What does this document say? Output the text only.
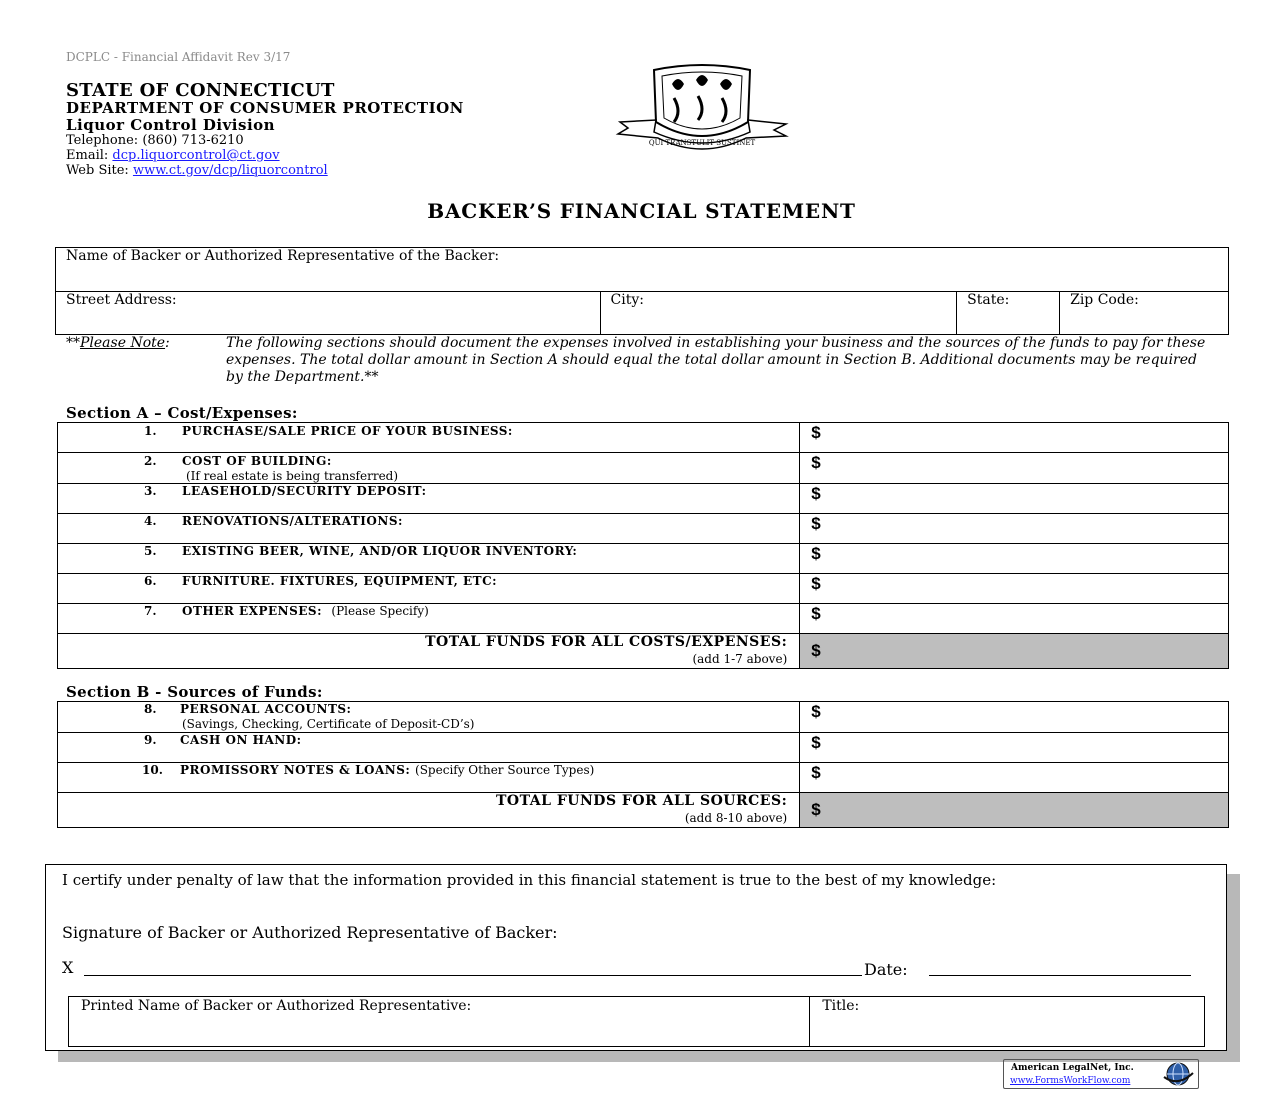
DCPLC - Financial Affidavit Rev 3/17
STATE OF CONNECTICUT
DEPARTMENT OF CONSUMER PROTECTION
Liquor Control Division
Telephone: (860) 713-6210
Email: dcp.liquorcontrol@ct.gov
Web Site: www.ct.gov/dcp/liquorcontrol
QUI TRANSTULIT SUSTINET
BACKER’S FINANCIAL STATEMENT
Name of Backer or Authorized Representative of the Backer:
Street Address:	City:	State:	Zip Code:
**Please Note:	The following sections should document the expenses involved in establishing your business and the sources of the funds to pay for these expenses. The total dollar amount in Section A should equal the total dollar amount in Section B. Additional documents may be required by the Department.**
Section A – Cost/Expenses:
1. PURCHASE/SALE PRICE OF YOUR BUSINESS:	$

2. COST OF BUILDING:
(If real estate is being transferred)	$

3. LEASEHOLD/SECURITY DEPOSIT:	$

4. RENOVATIONS/ALTERATIONS:	$

5. EXISTING BEER, WINE, AND/OR LIQUOR INVENTORY:	$

6. FURNITURE. FIXTURES, EQUIPMENT, ETC:	$

7. OTHER EXPENSES: (Please Specify)	$

TOTAL FUNDS FOR ALL COSTS/EXPENSES:
(add 1-7 above)	$
Section B - Sources of Funds:
8. PERSONAL ACCOUNTS:
(Savings, Checking, Certificate of Deposit-CD’s)	$

9. CASH ON HAND:	$

10. PROMISSORY NOTES & LOANS: (Specify Other Source Types)	$

TOTAL FUNDS FOR ALL SOURCES:
(add 8-10 above)	$
I certify under penalty of law that the information provided in this financial statement is true to the best of my knowledge:
Signature of Backer or Authorized Representative of Backer:
X	Date:
Printed Name of Backer or Authorized Representative:	Title:
American LegalNet, Inc.
www.FormsWorkFlow.com
